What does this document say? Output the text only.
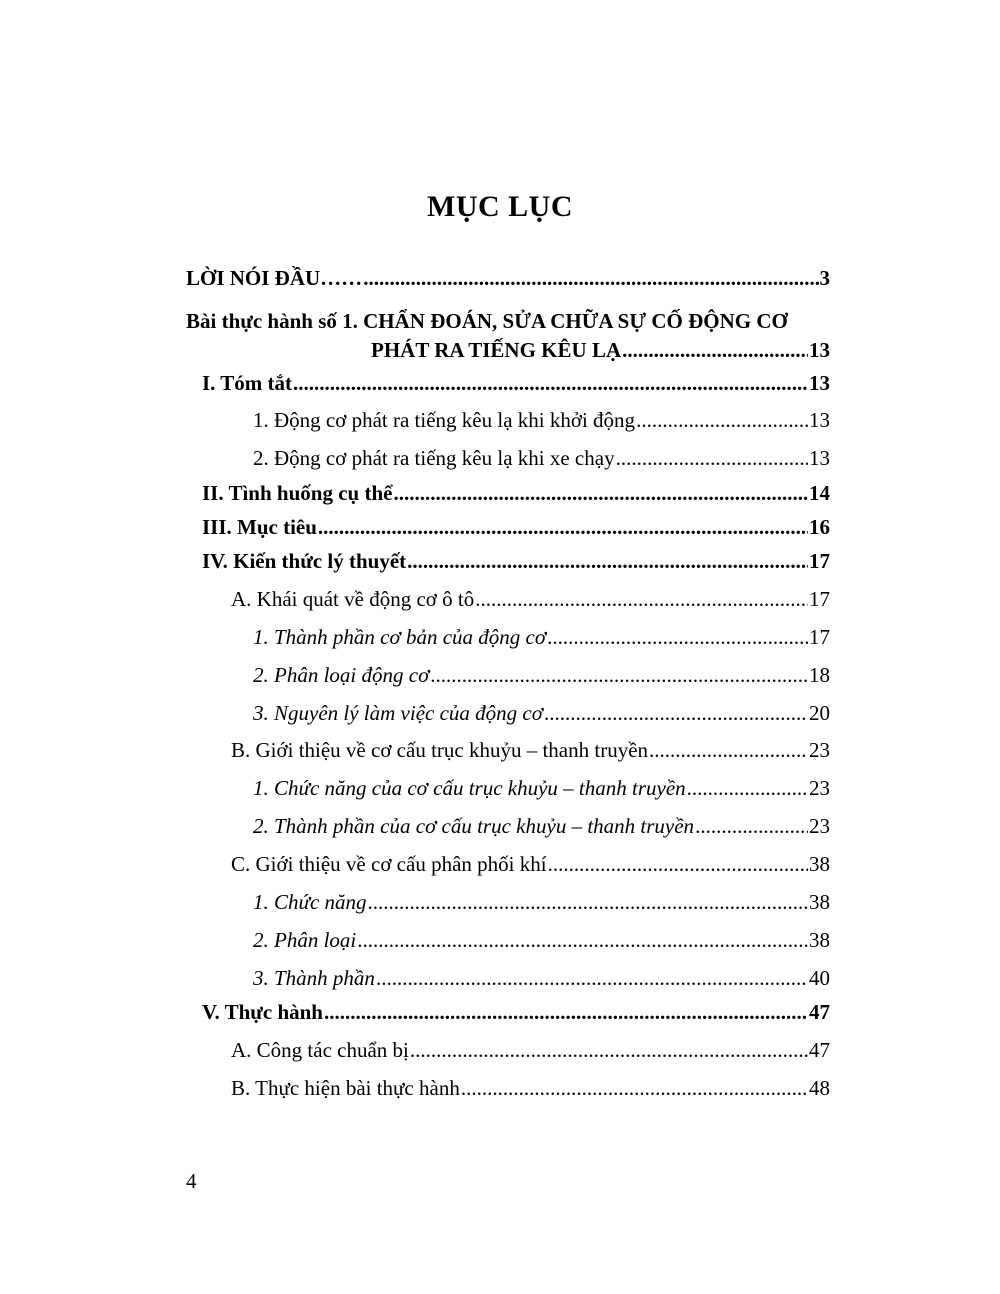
MỤC LỤC
LỜI NÓI ĐẦU…… .....	3
Bài thực hành số 1. CHẨN ĐOÁN, SỬA CHỮA SỰ CỐ ĐỘNG CƠ
PHÁT RA TIẾNG KÊU LẠ .....	13
I. Tóm tắt .....	13
1. Động cơ phát ra tiếng kêu lạ khi khởi động .....	13
2. Động cơ phát ra tiếng kêu lạ khi xe chạy .....	13
II. Tình huống cụ thể .....	14
III. Mục tiêu .....	16
IV. Kiến thức lý thuyết .....	17
A. Khái quát về động cơ ô tô .....	17
1. Thành phần cơ bản của động cơ .....	17
2. Phân loại động cơ .....	18
3. Nguyên lý làm việc của động cơ .....	20
B. Giới thiệu về cơ cấu trục khuỷu – thanh truyền .....	23
1. Chức năng của cơ cấu trục khuỷu – thanh truyền .....	23
2. Thành phần của cơ cấu trục khuỷu – thanh truyền .....	23
C. Giới thiệu về cơ cấu phân phối khí .....	38
1. Chức năng .....	38
2. Phân loại .....	38
3. Thành phần .....	40
V. Thực hành .....	47
A. Công tác chuẩn bị .....	47
B. Thực hiện bài thực hành .....	48
4
